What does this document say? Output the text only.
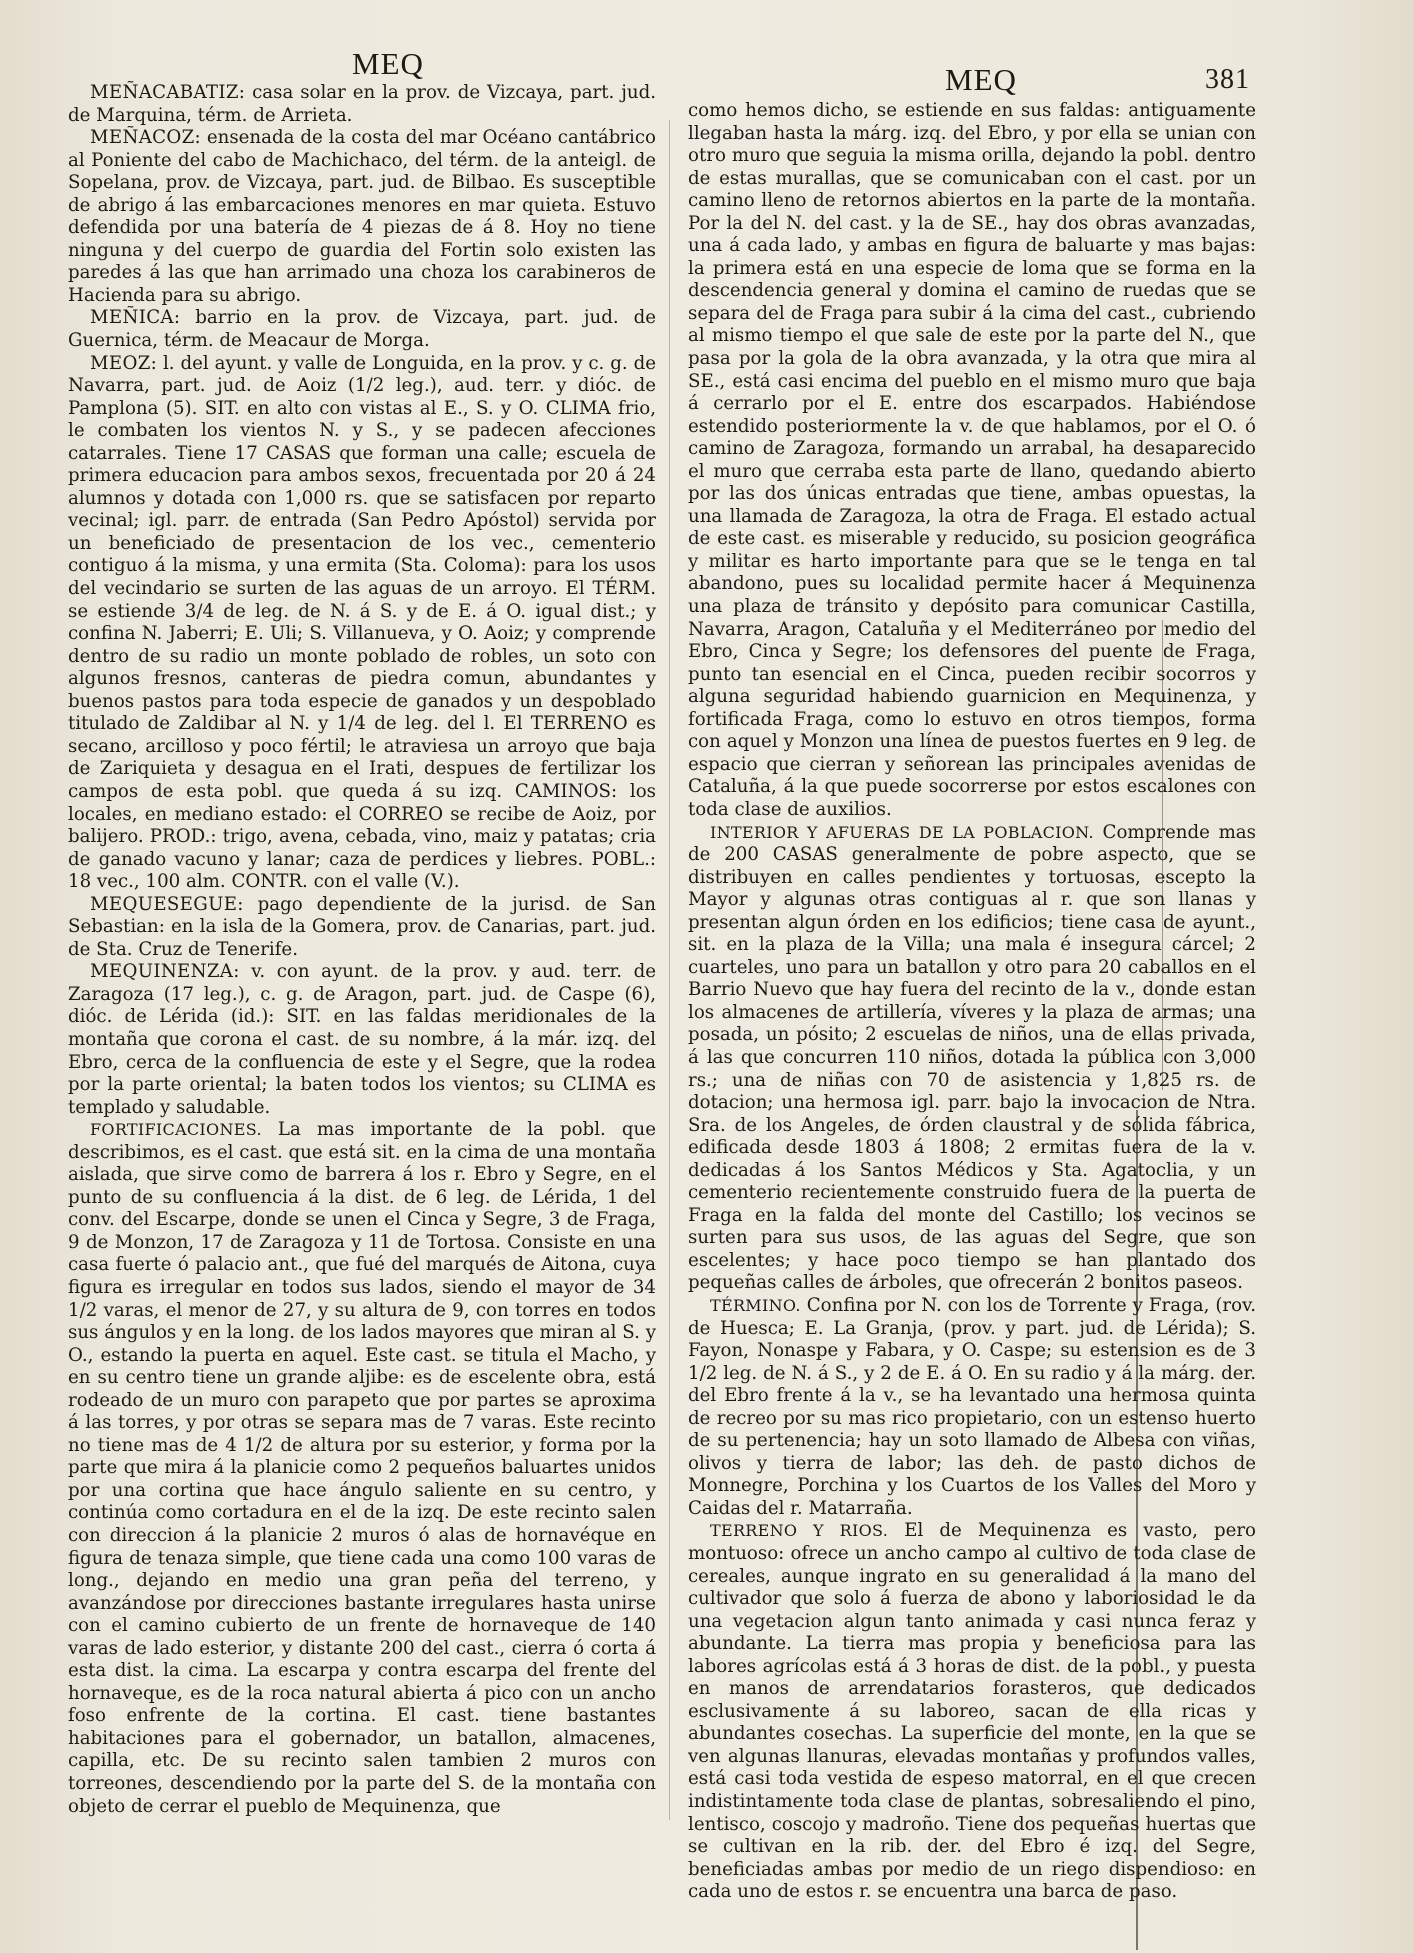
MEQ	MEQ	381

MEÑACABATIZ: casa solar en la prov. de Vizcaya, part. jud. de Marquina, térm. de Arrieta.

MEÑACOZ: ensenada de la costa del mar Océano cantábrico al Poniente del cabo de Machichaco, del térm. de la anteigl. de Sopelana, prov. de Vizcaya, part. jud. de Bilbao. Es susceptible de abrigo á las embarcaciones menores en mar quieta. Estuvo defendida por una batería de 4 piezas de á 8. Hoy no tiene ninguna y del cuerpo de guardia del Fortin solo existen las paredes á las que han arrimado una choza los carabineros de Hacienda para su abrigo.

MEÑICA: barrio en la prov. de Vizcaya, part. jud. de Guernica, térm. de Meacaur de Morga.

MEOZ: l. del ayunt. y valle de Longuida, en la prov. y c. g. de Navarra, part. jud. de Aoiz (1/2 leg.), aud. terr. y dióc. de Pamplona (5). SIT. en alto con vistas al E., S. y O. CLIMA frio, le combaten los vientos N. y S., y se padecen afecciones catarrales. Tiene 17 CASAS que forman una calle; escuela de primera educacion para ambos sexos, frecuentada por 20 á 24 alumnos y dotada con 1,000 rs. que se satisfacen por reparto vecinal; igl. parr. de entrada (San Pedro Apóstol) servida por un beneficiado de presentacion de los vec., cementerio contiguo á la misma, y una ermita (Sta. Coloma): para los usos del vecindario se surten de las aguas de un arroyo. El TÉRM. se estiende 3/4 de leg. de N. á S. y de E. á O. igual dist.; y confina N. Jaberri; E. Uli; S. Villanueva, y O. Aoiz; y comprende dentro de su radio un monte poblado de robles, un soto con algunos fresnos, canteras de piedra comun, abundantes y buenos pastos para toda especie de ganados y un despoblado titulado de Zaldibar al N. y 1/4 de leg. del l. El TERRENO es secano, arcilloso y poco fértil; le atraviesa un arroyo que baja de Zariquieta y desagua en el Irati, despues de fertilizar los campos de esta pobl. que queda á su izq. CAMINOS: los locales, en mediano estado: el CORREO se recibe de Aoiz, por balijero. PROD.: trigo, avena, cebada, vino, maiz y patatas; cria de ganado vacuno y lanar; caza de perdices y liebres. POBL.: 18 vec., 100 alm. CONTR. con el valle (V.).

MEQUESEGUE: pago dependiente de la jurisd. de San Sebastian: en la isla de la Gomera, prov. de Canarias, part. jud. de Sta. Cruz de Tenerife.

MEQUINENZA: v. con ayunt. de la prov. y aud. terr. de Zaragoza (17 leg.), c. g. de Aragon, part. jud. de Caspe (6), dióc. de Lérida (id.): SIT. en las faldas meridionales de la montaña que corona el cast. de su nombre, á la már. izq. del Ebro, cerca de la confluencia de este y el Segre, que la rodea por la parte oriental; la baten todos los vientos; su CLIMA es templado y saludable.

FORTIFICACIONES. La mas importante de la pobl. que describimos, es el cast. que está sit. en la cima de una montaña aislada, que sirve como de barrera á los r. Ebro y Segre, en el punto de su confluencia á la dist. de 6 leg. de Lérida, 1 del conv. del Escarpe, donde se unen el Cinca y Segre, 3 de Fraga, 9 de Monzon, 17 de Zaragoza y 11 de Tortosa. Consiste en una casa fuerte ó palacio ant., que fué del marqués de Aitona, cuya figura es irregular en todos sus lados, siendo el mayor de 34 1/2 varas, el menor de 27, y su altura de 9, con torres en todos sus ángulos y en la long. de los lados mayores que miran al S. y O., estando la puerta en aquel. Este cast. se titula el Macho, y en su centro tiene un grande aljibe: es de escelente obra, está rodeado de un muro con parapeto que por partes se aproxima á las torres, y por otras se separa mas de 7 varas. Este recinto no tiene mas de 4 1/2 de altura por su esterior, y forma por la parte que mira á la planicie como 2 pequeños baluartes unidos por una cortina que hace ángulo saliente en su centro, y continúa como cortadura en el de la izq. De este recinto salen con direccion á la planicie 2 muros ó alas de hornavéque en figura de tenaza simple, que tiene cada una como 100 varas de long., dejando en medio una gran peña del terreno, y avanzándose por direcciones bastante irregulares hasta unirse con el camino cubierto de un frente de hornaveque de 140 varas de lado esterior, y distante 200 del cast., cierra ó corta á esta dist. la cima. La escarpa y contra escarpa del frente del hornaveque, es de la roca natural abierta á pico con un ancho foso enfrente de la cortina. El cast. tiene bastantes habitaciones para el gobernador, un batallon, almacenes, capilla, etc. De su recinto salen tambien 2 muros con torreones, descendiendo por la parte del S. de la montaña con objeto de cerrar el pueblo de Mequinenza, que

como hemos dicho, se estiende en sus faldas: antiguamente llegaban hasta la márg. izq. del Ebro, y por ella se unian con otro muro que seguia la misma orilla, dejando la pobl. dentro de estas murallas, que se comunicaban con el cast. por un camino lleno de retornos abiertos en la parte de la montaña. Por la del N. del cast. y la de SE., hay dos obras avanzadas, una á cada lado, y ambas en figura de baluarte y mas bajas: la primera está en una especie de loma que se forma en la descendencia general y domina el camino de ruedas que se separa del de Fraga para subir á la cima del cast., cubriendo al mismo tiempo el que sale de este por la parte del N., que pasa por la gola de la obra avanzada, y la otra que mira al SE., está casi encima del pueblo en el mismo muro que baja á cerrarlo por el E. entre dos escarpados. Habiéndose estendido posteriormente la v. de que hablamos, por el O. ó camino de Zaragoza, formando un arrabal, ha desaparecido el muro que cerraba esta parte de llano, quedando abierto por las dos únicas entradas que tiene, ambas opuestas, la una llamada de Zaragoza, la otra de Fraga. El estado actual de este cast. es miserable y reducido, su posicion geográfica y militar es harto importante para que se le tenga en tal abandono, pues su localidad permite hacer á Mequinenza una plaza de tránsito y depósito para comunicar Castilla, Navarra, Aragon, Cataluña y el Mediterráneo por medio del Ebro, Cinca y Segre; los defensores del puente de Fraga, punto tan esencial en el Cinca, pueden recibir socorros y alguna seguridad habiendo guarnicion en Mequinenza, y fortificada Fraga, como lo estuvo en otros tiempos, forma con aquel y Monzon una línea de puestos fuertes en 9 leg. de espacio que cierran y señorean las principales avenidas de Cataluña, á la que puede socorrerse por estos escalones con toda clase de auxilios.

INTERIOR Y AFUERAS DE LA POBLACION. Comprende mas de 200 CASAS generalmente de pobre aspecto, que se distribuyen en calles pendientes y tortuosas, escepto la Mayor y algunas otras contiguas al r. que son llanas y presentan algun órden en los edificios; tiene casa de ayunt., sit. en la plaza de la Villa; una mala é insegura cárcel; 2 cuarteles, uno para un batallon y otro para 20 caballos en el Barrio Nuevo que hay fuera del recinto de la v., donde estan los almacenes de artillería, víveres y la plaza de armas; una posada, un pósito; 2 escuelas de niños, una de ellas privada, á las que concurren 110 niños, dotada la pública con 3,000 rs.; una de niñas con 70 de asistencia y 1,825 rs. de dotacion; una hermosa igl. parr. bajo la invocacion de Ntra. Sra. de los Angeles, de órden claustral y de sólida fábrica, edificada desde 1803 á 1808; 2 ermitas fuera de la v. dedicadas á los Santos Médicos y Sta. Agatoclia, y un cementerio recientemente construido fuera de la puerta de Fraga en la falda del monte del Castillo; los vecinos se surten para sus usos, de las aguas del Segre, que son escelentes; y hace poco tiempo se han plantado dos pequeñas calles de árboles, que ofrecerán 2 bonitos paseos.

TÉRMINO. Confina por N. con los de Torrente y Fraga, (rov. de Huesca; E. La Granja, (prov. y part. jud. de Lérida); S. Fayon, Nonaspe y Fabara, y O. Caspe; su estension es de 3 1/2 leg. de N. á S., y 2 de E. á O. En su radio y á la márg. der. del Ebro frente á la v., se ha levantado una hermosa quinta de recreo por su mas rico propietario, con un estenso huerto de su pertenencia; hay un soto llamado de Albesa con viñas, olivos y tierra de labor; las deh. de pasto dichos de Monnegre, Porchina y los Cuartos de los Valles del Moro y Caidas del r. Matarraña.

TERRENO Y RIOS. El de Mequinenza es vasto, pero montuoso: ofrece un ancho campo al cultivo de toda clase de cereales, aunque ingrato en su generalidad á la mano del cultivador que solo á fuerza de abono y laboriosidad le da una vegetacion algun tanto animada y casi nunca feraz y abundante. La tierra mas propia y beneficiosa para las labores agrícolas está á 3 horas de dist. de la pobl., y puesta en manos de arrendatarios forasteros, que dedicados esclusivamente á su laboreo, sacan de ella ricas y abundantes cosechas. La superficie del monte, en la que se ven algunas llanuras, elevadas montañas y profundos valles, está casi toda vestida de espeso matorral, en el que crecen indistintamente toda clase de plantas, sobresaliendo el pino, lentisco, coscojo y madroño. Tiene dos pequeñas huertas que se cultivan en la rib. der. del Ebro é izq. del Segre, beneficiadas ambas por medio de un riego dispendioso: en cada uno de estos r. se encuentra una barca de paso.
